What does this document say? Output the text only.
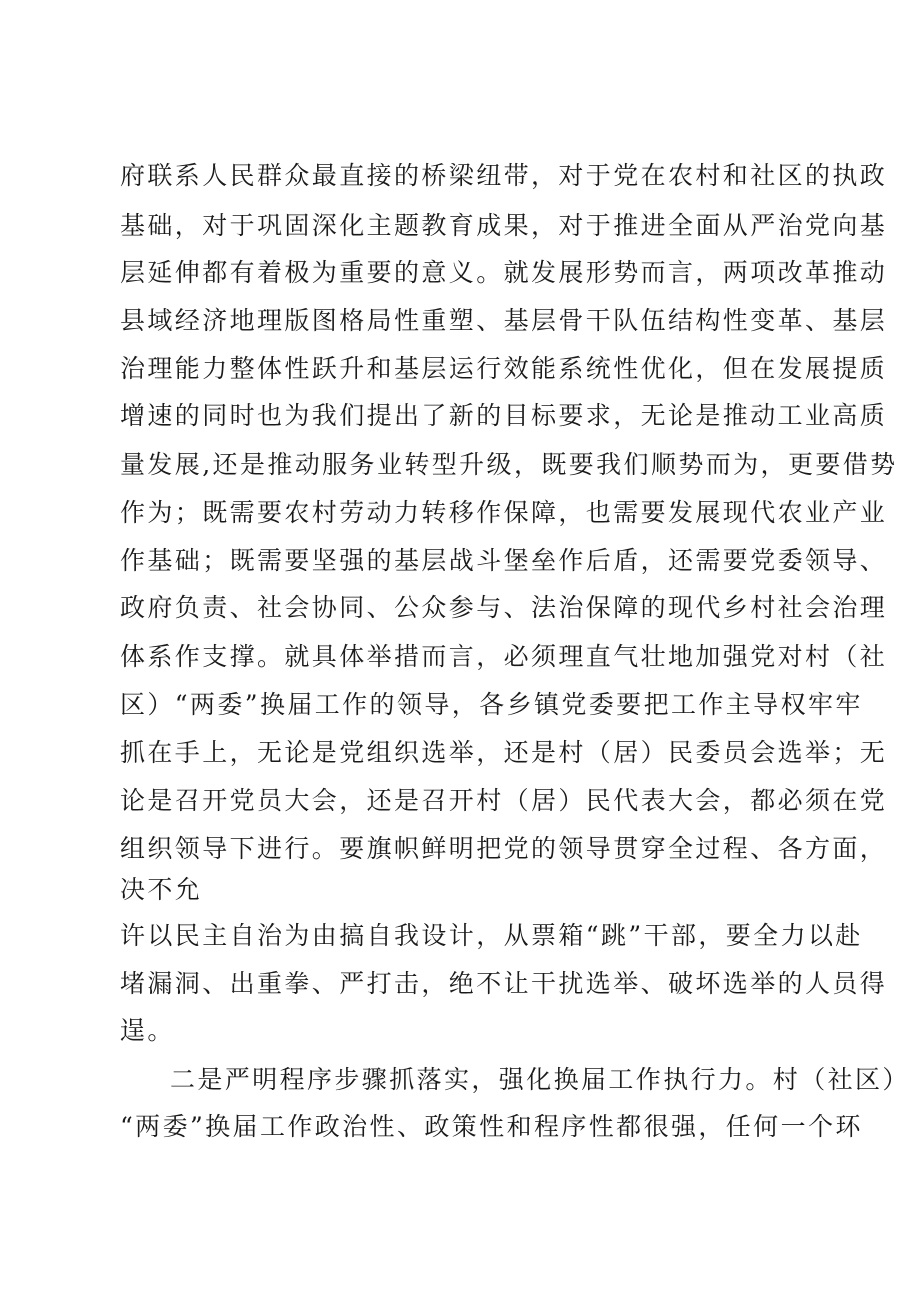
府联系人民群众最直接的桥梁纽带，对于党在农村和社区的执政
基础，对于巩固深化主题教育成果，对于推进全面从严治党向基
层延伸都有着极为重要的意义。就发展形势而言，两项改革推动
县域经济地理版图格局性重塑、基层骨干队伍结构性变革、基层
治理能力整体性跃升和基层运行效能系统性优化，但在发展提质
增速的同时也为我们提出了新的目标要求，无论是推动工业高质
量发展,还是推动服务业转型升级，既要我们顺势而为，更要借势
作为；既需要农村劳动力转移作保障，也需要发展现代农业产业
作基础；既需要坚强的基层战斗堡垒作后盾，还需要党委领导、
政府负责、社会协同、公众参与、法治保障的现代乡村社会治理
体系作支撑。就具体举措而言，必须理直气壮地加强党对村（社
区）“两委”换届工作的领导，各乡镇党委要把工作主导权牢牢
抓在手上，无论是党组织选举，还是村（居）民委员会选举；无
论是召开党员大会，还是召开村（居）民代表大会，都必须在党
组织领导下进行。要旗帜鲜明把党的领导贯穿全过程、各方面，
决不允
许以民主自治为由搞自我设计，从票箱“跳”干部，要全力以赴
堵漏洞、出重拳、严打击，绝不让干扰选举、破坏选举的人员得
逞。
二是严明程序步骤抓落实，强化换届工作执行力。村（社区）
“两委”换届工作政治性、政策性和程序性都很强，任何一个环
